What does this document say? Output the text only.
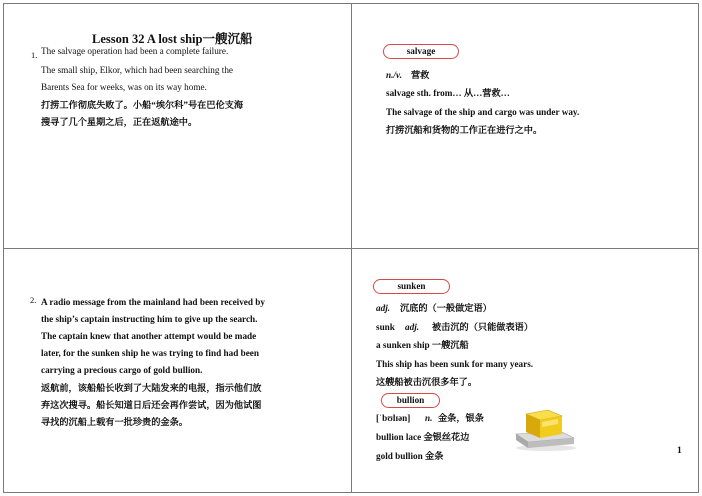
Lesson 32 A lost ship一艘沉船
1. The salvage operation had been a complete failure.
The small ship, Elkor, which had been searching the
Barents Sea for weeks, was on its way home.
打捞工作彻底失败了。小船“埃尔科”号在巴伦支海
搜寻了几个星期之后，正在返航途中。
salvage
n./v. 营救
salvage sth. from… 从…营救…
The salvage of the ship and cargo was under way.
打捞沉船和货物的工作正在进行之中。
2. A radio message from the mainland had been received by
the ship’s captain instructing him to give up the search.
The captain knew that another attempt would be made
later, for the sunken ship he was trying to find had been
carrying a precious cargo of gold bullion.
返航前，该船船长收到了大陆发来的电报，指示他们放
弃这次搜寻。船长知道日后还会再作尝试，因为他试图
寻找的沉船上载有一批珍贵的金条。
sunken
adj. 沉底的（一般做定语）
sunk adj. 被击沉的（只能做表语）
a sunken ship 一艘沉船
This ship has been sunk for many years.
这艘船被击沉很多年了。
bullion
[ˈbʊlɪən] n. 金条，银条
bullion lace 金银丝花边
gold bullion 金条	1
